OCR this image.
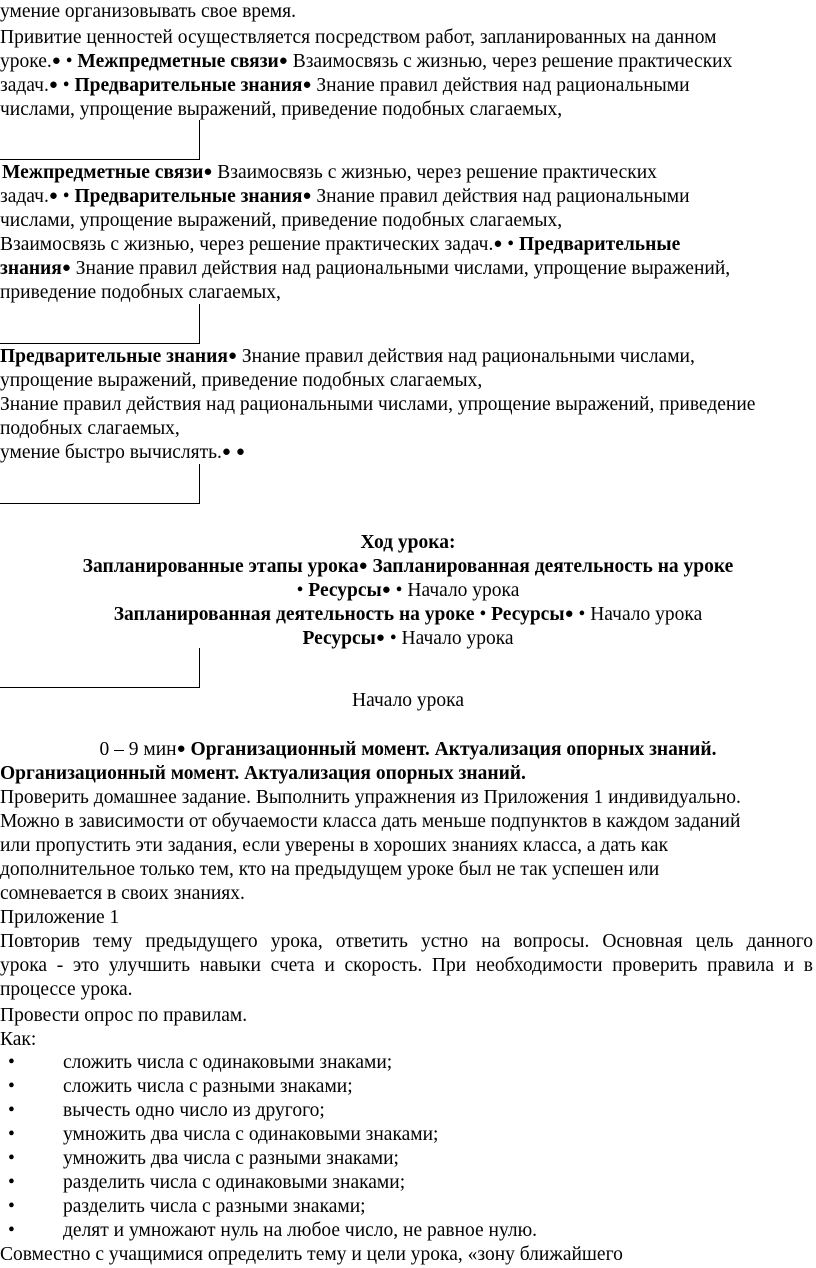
умение организовывать свое время.
Привитие ценностей осуществляется посредством работ, запланированных на данном
уроке.● • Межпредметные связи● Взаимосвязь с жизнью, через решение практических
задач.● • Предварительные знания● Знание правил действия над рациональными
числами, упрощение выражений, приведение подобных слагаемых,
Межпредметные связи● Взаимосвязь с жизнью, через решение практических
задач.● • Предварительные знания● Знание правил действия над рациональными
числами, упрощение выражений, приведение подобных слагаемых,
Взаимосвязь с жизнью, через решение практических задач.● • Предварительные
знания● Знание правил действия над рациональными числами, упрощение выражений,
приведение подобных слагаемых,
Предварительные знания● Знание правил действия над рациональными числами,
упрощение выражений, приведение подобных слагаемых,
Знание правил действия над рациональными числами, упрощение выражений, приведение
подобных слагаемых,
умение быстро вычислять.● ●
Ход урока:
Запланированные этапы урока● Запланированная деятельность на уроке
• Ресурсы● • Начало урока
Запланированная деятельность на уроке • Ресурсы● • Начало урока
Ресурсы● • Начало урока
Начало урока
0 – 9 мин● Организационный момент. Актуализация опорных знаний.
Организационный момент. Актуализация опорных знаний.
Проверить домашнее задание. Выполнить упражнения из Приложения 1 индивидуально.
Можно в зависимости от обучаемости класса дать меньше подпунктов в каждом заданий
или пропустить эти задания, если уверены в хороших знаниях класса, а дать как
дополнительное только тем, кто на предыдущем уроке был не так успешен или
сомневается в своих знаниях.
Приложение 1
Повторив тему предыдущего урока, ответить устно на вопросы. Основная цель данного
урока - это улучшить навыки счета и скорость. При необходимости проверить правила и в
процессе урока.
Провести опрос по правилам.
Как:
• сложить числа с одинаковыми знаками;
• сложить числа с разными знаками;
• вычесть одно число из другого;
• умножить два числа с одинаковыми знаками;
• умножить два числа с разными знаками;
• разделить числа с одинаковыми знаками;
• разделить числа с разными знаками;
• делят и умножают нуль на любое число, не равное нулю.
Совместно с учащимися определить тему и цели урока, «зону ближайшего
